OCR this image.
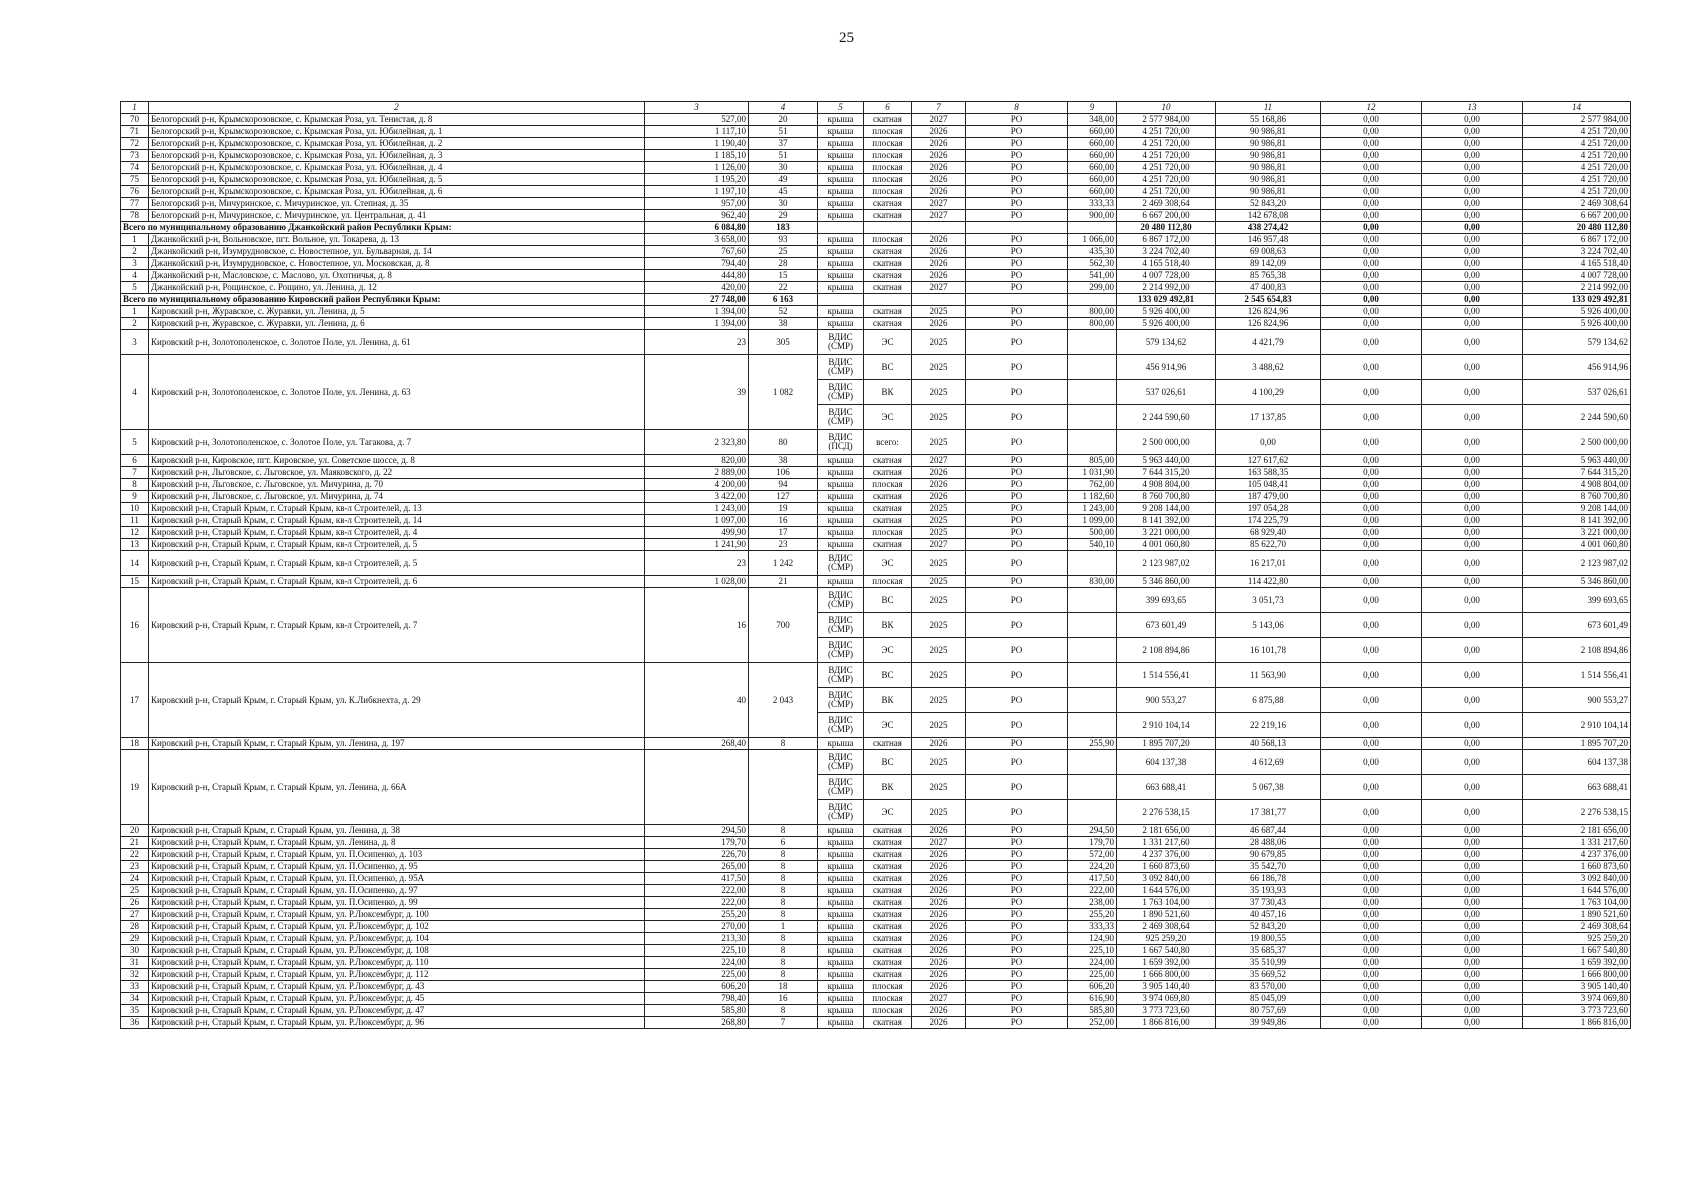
25
1	2	3	4	5	6	7	8	9	10	11	12	13	14
70	Белогорский р-н, Крымскорозовское, с. Крымская Роза, ул. Тенистая, д. 8	527,00	20	крыша	скатная	2027	РО	348,00	2 577 984,00	55 168,86	0,00	0,00	2 577 984,00
71	Белогорский р-н, Крымскорозовское, с. Крымская Роза, ул. Юбилейная, д. 1	1 117,10	51	крыша	плоская	2026	РО	660,00	4 251 720,00	90 986,81	0,00	0,00	4 251 720,00
72	Белогорский р-н, Крымскорозовское, с. Крымская Роза, ул. Юбилейная, д. 2	1 190,40	37	крыша	плоская	2026	РО	660,00	4 251 720,00	90 986,81	0,00	0,00	4 251 720,00
73	Белогорский р-н, Крымскорозовское, с. Крымская Роза, ул. Юбилейная, д. 3	1 185,10	51	крыша	плоская	2026	РО	660,00	4 251 720,00	90 986,81	0,00	0,00	4 251 720,00
74	Белогорский р-н, Крымскорозовское, с. Крымская Роза, ул. Юбилейная, д. 4	1 126,00	30	крыша	плоская	2026	РО	660,00	4 251 720,00	90 986,81	0,00	0,00	4 251 720,00
75	Белогорский р-н, Крымскорозовское, с. Крымская Роза, ул. Юбилейная, д. 5	1 195,20	49	крыша	плоская	2026	РО	660,00	4 251 720,00	90 986,81	0,00	0,00	4 251 720,00
76	Белогорский р-н, Крымскорозовское, с. Крымская Роза, ул. Юбилейная, д. 6	1 197,10	45	крыша	плоская	2026	РО	660,00	4 251 720,00	90 986,81	0,00	0,00	4 251 720,00
77	Белогорский р-н, Мичуринское, с. Мичуринское, ул. Степная, д. 35	957,00	30	крыша	скатная	2027	РО	333,33	2 469 308,64	52 843,20	0,00	0,00	2 469 308,64
78	Белогорский р-н, Мичуринское, с. Мичуринское, ул. Центральная, д. 41	962,40	29	крыша	скатная	2027	РО	900,00	6 667 200,00	142 678,08	0,00	0,00	6 667 200,00
Всего по муниципальному образованию Джанкойский район Республики Крым:		6 084,80	183						20 480 112,80	438 274,42	0,00	0,00	20 480 112,80
1	Джанкойский р-н, Вольновское, пгт. Вольное, ул. Токарева, д. 13	3 658,00	93	крыша	плоская	2026	РО	1 066,00	6 867 172,00	146 957,48	0,00	0,00	6 867 172,00
2	Джанкойский р-н, Изумрудновское, с. Новостепное, ул. Бульварная, д. 14	767,60	25	крыша	скатная	2026	РО	435,30	3 224 702,40	69 008,63	0,00	0,00	3 224 702,40
3	Джанкойский р-н, Изумрудновское, с. Новостепное, ул. Московская, д. 8	794,40	28	крыша	скатная	2026	РО	562,30	4 165 518,40	89 142,09	0,00	0,00	4 165 518,40
4	Джанкойский р-н, Масловское, с. Маслово, ул. Охотничья, д. 8	444,80	15	крыша	скатная	2026	РО	541,00	4 007 728,00	85 765,38	0,00	0,00	4 007 728,00
5	Джанкойский р-н, Рощинское, с. Рощино, ул. Ленина, д. 12	420,00	22	крыша	скатная	2027	РО	299,00	2 214 992,00	47 400,83	0,00	0,00	2 214 992,00
Всего по муниципальному образованию Кировский район Республики Крым:		27 748,00	6 163						133 029 492,81	2 545 654,83	0,00	0,00	133 029 492,81
1	Кировский р-н, Журавское, с. Журавки, ул. Ленина, д. 5	1 394,00	52	крыша	скатная	2025	РО	800,00	5 926 400,00	126 824,96	0,00	0,00	5 926 400,00
2	Кировский р-н, Журавское, с. Журавки, ул. Ленина, д. 6	1 394,00	38	крыша	скатная	2026	РО	800,00	5 926 400,00	126 824,96	0,00	0,00	5 926 400,00
3	Кировский р-н, Золотополенское, с. Золотое Поле, ул. Ленина, д. 61	23	305	ВДИС (СМР)	ЭС	2025	РО		579 134,62	4 421,79	0,00	0,00	579 134,62
4	Кировский р-н, Золотополенское, с. Золотое Поле, ул. Ленина, д. 63	39	1 082	ВДИС (СМР)	ВС	2025	РО		456 914,96	3 488,62	0,00	0,00	456 914,96
				ВДИС (СМР)	ВК	2025	РО		537 026,61	4 100,29	0,00	0,00	537 026,61
				ВДИС (СМР)	ЭС	2025	РО		2 244 590,60	17 137,85	0,00	0,00	2 244 590,60
5	Кировский р-н, Золотополенское, с. Золотое Поле, ул. Тагакова, д. 7	2 323,80	80	ВДИС (ПСД)	всего:	2025	РО		2 500 000,00	0,00	0,00	0,00	2 500 000,00
6	Кировский р-н, Кировское, пгт. Кировское, ул. Советское шоссе, д. 8	820,00	38	крыша	скатная	2027	РО	805,00	5 963 440,00	127 617,62	0,00	0,00	5 963 440,00
7	Кировский р-н, Льговское, с. Льговское, ул. Маяковского, д. 22	2 889,00	106	крыша	скатная	2026	РО	1 031,90	7 644 315,20	163 588,35	0,00	0,00	7 644 315,20
8	Кировский р-н, Льговское, с. Льговское, ул. Мичурина, д. 70	4 200,00	94	крыша	плоская	2026	РО	762,00	4 908 804,00	105 048,41	0,00	0,00	4 908 804,00
9	Кировский р-н, Льговское, с. Льговское, ул. Мичурина, д. 74	3 422,00	127	крыша	скатная	2026	РО	1 182,60	8 760 700,80	187 479,00	0,00	0,00	8 760 700,80
10	Кировский р-н, Старый Крым, г. Старый Крым, кв-л Строителей, д. 13	1 243,00	19	крыша	скатная	2025	РО	1 243,00	9 208 144,00	197 054,28	0,00	0,00	9 208 144,00
11	Кировский р-н, Старый Крым, г. Старый Крым, кв-л Строителей, д. 14	1 097,00	16	крыша	скатная	2025	РО	1 099,00	8 141 392,00	174 225,79	0,00	0,00	8 141 392,00
12	Кировский р-н, Старый Крым, г. Старый Крым, кв-л Строителей, д. 4	499,90	17	крыша	плоская	2025	РО	500,00	3 221 000,00	68 929,40	0,00	0,00	3 221 000,00
13	Кировский р-н, Старый Крым, г. Старый Крым, кв-л Строителей, д. 5	1 241,90	23	крыша	скатная	2027	РО	540,10	4 001 060,80	85 622,70	0,00	0,00	4 001 060,80
14	Кировский р-н, Старый Крым, г. Старый Крым, кв-л Строителей, д. 5	23	1 242	ВДИС (СМР)	ЭС	2025	РО		2 123 987,02	16 217,01	0,00	0,00	2 123 987,02
15	Кировский р-н, Старый Крым, г. Старый Крым, кв-л Строителей, д. 6	1 028,00	21	крыша	плоская	2025	РО	830,00	5 346 860,00	114 422,80	0,00	0,00	5 346 860,00
16	Кировский р-н, Старый Крым, г. Старый Крым, кв-л Строителей, д. 7	16	700	ВДИС (СМР)	ВС	2025	РО		399 693,65	3 051,73	0,00	0,00	399 693,65
				ВДИС (СМР)	ВК	2025	РО		673 601,49	5 143,06	0,00	0,00	673 601,49
				ВДИС (СМР)	ЭС	2025	РО		2 108 894,86	16 101,78	0,00	0,00	2 108 894,86
17	Кировский р-н, Старый Крым, г. Старый Крым, ул. К.Либкнехта, д. 29	40	2 043	ВДИС (СМР)	ВС	2025	РО		1 514 556,41	11 563,90	0,00	0,00	1 514 556,41
				ВДИС (СМР)	ВК	2025	РО		900 553,27	6 875,88	0,00	0,00	900 553,27
				ВДИС (СМР)	ЭС	2025	РО		2 910 104,14	22 219,16	0,00	0,00	2 910 104,14
18	Кировский р-н, Старый Крым, г. Старый Крым, ул. Ленина, д. 197	268,40	8	крыша	скатная	2026	РО	255,90	1 895 707,20	40 568,13	0,00	0,00	1 895 707,20
19	Кировский р-н, Старый Крым, г. Старый Крым, ул. Ленина, д. 66А			ВДИС (СМР)	ВС	2025	РО		604 137,38	4 612,69	0,00	0,00	604 137,38
				ВДИС (СМР)	ВК	2025	РО		663 688,41	5 067,38	0,00	0,00	663 688,41
				ВДИС (СМР)	ЭС	2025	РО		2 276 538,15	17 381,77	0,00	0,00	2 276 538,15
20	Кировский р-н, Старый Крым, г. Старый Крым, ул. Ленина, д. 38	294,50	8	крыша	скатная	2026	РО	294,50	2 181 656,00	46 687,44	0,00	0,00	2 181 656,00
21	Кировский р-н, Старый Крым, г. Старый Крым, ул. Ленина, д. 8	179,70	6	крыша	скатная	2027	РО	179,70	1 331 217,60	28 488,06	0,00	0,00	1 331 217,60
22	Кировский р-н, Старый Крым, г. Старый Крым, ул. П.Осипенко, д. 103	226,70	8	крыша	скатная	2026	РО	572,00	4 237 376,00	90 679,85	0,00	0,00	4 237 376,00
23	Кировский р-н, Старый Крым, г. Старый Крым, ул. П.Осипенко, д. 95	265,00	8	крыша	скатная	2026	РО	224,20	1 660 873,60	35 542,70	0,00	0,00	1 660 873,60
24	Кировский р-н, Старый Крым, г. Старый Крым, ул. П.Осипенко, д. 95А	417,50	8	крыша	скатная	2026	РО	417,50	3 092 840,00	66 186,78	0,00	0,00	3 092 840,00
25	Кировский р-н, Старый Крым, г. Старый Крым, ул. П.Осипенко, д. 97	222,00	8	крыша	скатная	2026	РО	222,00	1 644 576,00	35 193,93	0,00	0,00	1 644 576,00
26	Кировский р-н, Старый Крым, г. Старый Крым, ул. П.Осипенко, д. 99	222,00	8	крыша	скатная	2026	РО	238,00	1 763 104,00	37 730,43	0,00	0,00	1 763 104,00
27	Кировский р-н, Старый Крым, г. Старый Крым, ул. Р.Люксембург, д. 100	255,20	8	крыша	скатная	2026	РО	255,20	1 890 521,60	40 457,16	0,00	0,00	1 890 521,60
28	Кировский р-н, Старый Крым, г. Старый Крым, ул. Р.Люксембург, д. 102	270,00	1	крыша	скатная	2026	РО	333,33	2 469 308,64	52 843,20	0,00	0,00	2 469 308,64
29	Кировский р-н, Старый Крым, г. Старый Крым, ул. Р.Люксембург, д. 104	213,30	8	крыша	скатная	2026	РО	124,90	925 259,20	19 800,55	0,00	0,00	925 259,20
30	Кировский р-н, Старый Крым, г. Старый Крым, ул. Р.Люксембург, д. 108	225,10	8	крыша	скатная	2026	РО	225,10	1 667 540,80	35 685,37	0,00	0,00	1 667 540,80
31	Кировский р-н, Старый Крым, г. Старый Крым, ул. Р.Люксембург, д. 110	224,00	8	крыша	скатная	2026	РО	224,00	1 659 392,00	35 510,99	0,00	0,00	1 659 392,00
32	Кировский р-н, Старый Крым, г. Старый Крым, ул. Р.Люксембург, д. 112	225,00	8	крыша	скатная	2026	РО	225,00	1 666 800,00	35 669,52	0,00	0,00	1 666 800,00
33	Кировский р-н, Старый Крым, г. Старый Крым, ул. Р.Люксембург, д. 43	606,20	18	крыша	плоская	2026	РО	606,20	3 905 140,40	83 570,00	0,00	0,00	3 905 140,40
34	Кировский р-н, Старый Крым, г. Старый Крым, ул. Р.Люксембург, д. 45	798,40	16	крыша	плоская	2027	РО	616,90	3 974 069,80	85 045,09	0,00	0,00	3 974 069,80
35	Кировский р-н, Старый Крым, г. Старый Крым, ул. Р.Люксембург, д. 47	585,80	8	крыша	плоская	2026	РО	585,80	3 773 723,60	80 757,69	0,00	0,00	3 773 723,60
36	Кировский р-н, Старый Крым, г. Старый Крым, ул. Р.Люксембург, д. 96	268,80	7	крыша	скатная	2026	РО	252,00	1 866 816,00	39 949,86	0,00	0,00	1 866 816,00
